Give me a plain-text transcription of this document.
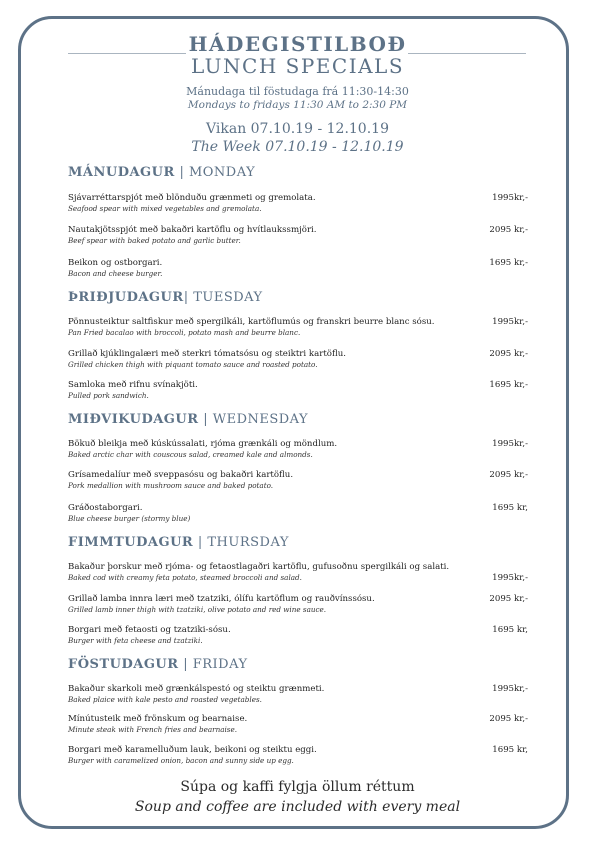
HÁDEGISTILBOÐ
LUNCH SPECIALS
Mánudaga til föstudaga frá 11:30-14:30
Mondays to fridays 11:30 AM to 2:30 PM
Vikan 07.10.19 - 12.10.19
The Week 07.10.19 - 12.10.19
MÁNUDAGUR | MONDAY
Sjávarréttarspjót með blönduðu grænmeti og gremolata.
Seafood spear with mixed vegetables and gremolata.
1995kr,-
Nautakjötsspjót með bakaðri kartöflu og hvítlaukssmjöri.
Beef spear with baked potato and garlic butter.
2095 kr,-
Beikon og ostborgari.
Bacon and cheese burger.
1695 kr,-
ÞRIÐJUDAGUR| TUESDAY
Pönnusteiktur saltfiskur með spergilkáli, kartöflumús og franskri beurre blanc sósu.
Pan Fried bacalao with broccoli, potato mash and beurre blanc.
1995kr,-
Grillað kjúklingalæri með sterkri tómatsósu og steiktri kartöflu.
Grilled chicken thigh with piquant tomato sauce and roasted potato.
2095 kr,-
Samloka með rifnu svínakjöti.
Pulled pork sandwich.
1695 kr,-
MIÐVIKUDAGUR | WEDNESDAY
Bökuð bleikja með kúskússalati, rjóma grænkáli og möndlum.
Baked arctic char with couscous salad, creamed kale and almonds.
1995kr,-
Grísamedalíur með sveppasósu og bakaðri kartöflu.
Pork medallion with mushroom sauce and baked potato.
2095 kr,-
Gráðostaborgari.
Blue cheese burger (stormy blue)
1695 kr,
FIMMTUDAGUR | THURSDAY
Bakaður þorskur með rjóma- og fetaostlagaðri kartöflu, gufusoðnu spergilkáli og salati.
Baked cod with creamy feta potato, steamed broccoli and salad.	1995kr,-
Grillað lamba innra læri með tzatziki, ólífu kartöflum og rauðvínssósu.
Grilled lamb inner thigh with tzatziki, olive potato and red wine sauce.
2095 kr,-
Borgari með fetaosti og tzatziki-sósu.
Burger with feta cheese and tzatziki.
1695 kr,
FÖSTUDAGUR | FRIDAY
Bakaður skarkoli með grænkálspestó og steiktu grænmeti.
Baked plaice with kale pesto and roasted vegetables.
1995kr,-
Mínútusteik með frönskum og bearnaise.
Minute steak with French fries and bearnaise.
2095 kr,-
Borgari með karamelluðum lauk, beikoni og steiktu eggi.
Burger with caramelized onion, bacon and sunny side up egg.
1695 kr,
Súpa og kaffi fylgja öllum réttum
Soup and coffee are included with every meal
